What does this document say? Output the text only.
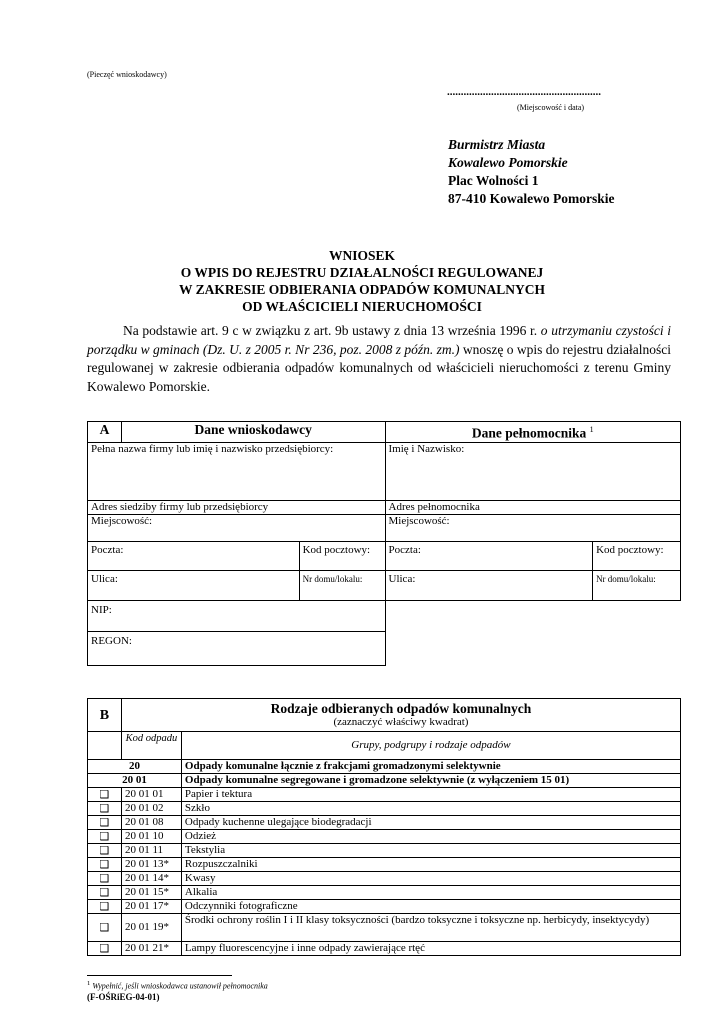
(Pieczęć wnioskodawcy)
........................................................
(Miejscowość i data)
Burmistrz Miasta
Kowalewo Pomorskie
Plac Wolności 1
87-410 Kowalewo Pomorskie
WNIOSEK
O WPIS DO REJESTRU DZIAŁALNOŚCI REGULOWANEJ
W ZAKRESIE ODBIERANIA ODPADÓW KOMUNALNYCH
OD WŁAŚCICIELI NIERUCHOMOŚCI
Na podstawie art. 9 c w związku z art. 9b ustawy z dnia 13 września 1996 r. o utrzymaniu czystości i porządku w gminach (Dz. U. z 2005 r. Nr 236, poz. 2008 z późn. zm.) wnoszę o wpis do rejestru działalności regulowanej w zakresie odbierania odpadów komunalnych od właścicieli nieruchomości z terenu Gminy Kowalewo Pomorskie.
A	Dane wnioskodawcy		Dane pełnomocnika $^1$
Pełna nazwa firmy lub imię i nazwisko przedsiębiorcy:			Imię i Nazwisko:	
Adres siedziby firmy lub przedsiębiorcy			Adres pełnomocnika	
Miejscowość:			Miejscowość:	
Poczta:		Kod pocztowy:	Poczta:	Kod pocztowy:
Ulica:		Nr domu/lokalu:	Ulica:	Nr domu/lokalu:
NIP:				
REGON:				
B	Rodzaje odbieranych odpadów komunalnych
(zaznaczyć właściwy kwadrat)	

	Kod odpadu	Grupy, podgrupy i rodzaje odpadów
20		Odpady komunalne łącznie z frakcjami gromadzonymi selektywnie
20 01		Odpady komunalne segregowane i gromadzone selektywnie (z wyłączeniem 15 01)
❑	20 01 01	Papier i tektura
❑	20 01 02	Szkło
❑	20 01 08	Odpady kuchenne ulegające biodegradacji
❑	20 01 10	Odzież
❑	20 01 11	Tekstylia
❑	20 01 13*	Rozpuszczalniki
❑	20 01 14*	Kwasy
❑	20 01 15*	Alkalia
❑	20 01 17*	Odczynniki fotograficzne
❑	20 01 19*	Środki ochrony roślin I i II klasy toksyczności (bardzo toksyczne i toksyczne np. herbicydy, insektycydy)
❑	20 01 21*	Lampy fluorescencyjne i inne odpady zawierające rtęć
$^1$ Wypełnić, jeśli wnioskodawca ustanowił pełnomocnika
(F-OŚRiEG-04-01)
